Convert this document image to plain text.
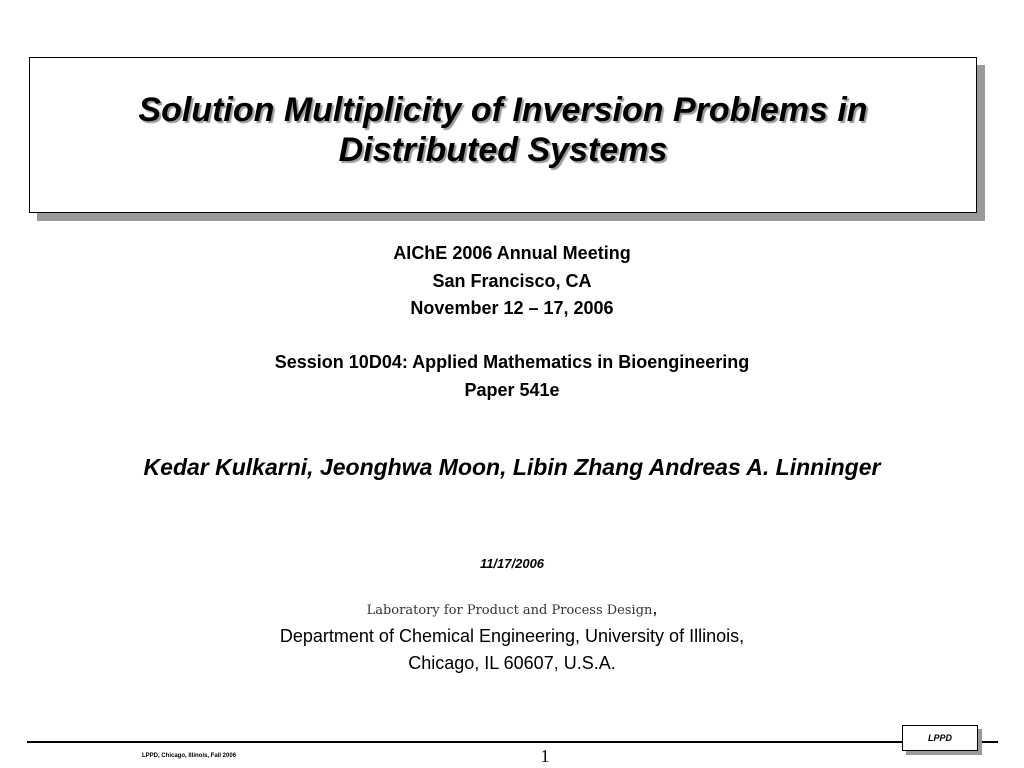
Solution Multiplicity of Inversion Problems in Distributed Systems
AIChE 2006 Annual Meeting
San Francisco, CA
November 12 – 17, 2006
Session 10D04: Applied Mathematics in Bioengineering
Paper 541e
Kedar Kulkarni, Jeonghwa Moon, Libin Zhang Andreas A. Linninger
11/17/2006
Laboratory for Product and Process Design,
Department of Chemical Engineering, University of Illinois,
Chicago, IL 60607, U.S.A.
LPPD, Chicago, Illinois, Fall 2006	1
LPPD
